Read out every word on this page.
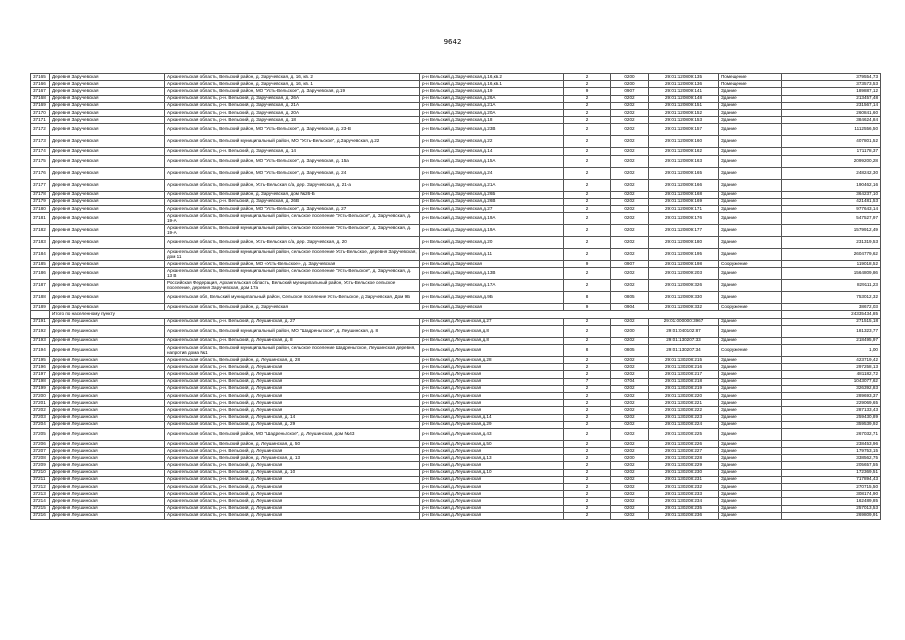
9642
37165	Деревня Заручевская	Архангельская область, Вельский район, д. Заручевская, д. 16, кв. 2	р-н Вельский,д.Заручевская,д.16,кв.2	2	0200	29:01:120809:135	Помещение	379554,73
37166	Деревня Заручевская	Архангельская область, Вельский район, д. Заручевская, д. 16, кв. 1	р-н Вельский,д.Заручевская,д.16,кв.1	2	0200	29:01:120809:136	Помещение	373573,53
37167	Деревня Заручевская	Архангельская область, Вельский район, МО "Усть-Вельское", д. Заручевская, д.19	р-н Вельский,д.Заручевская,д.19	9	0907	29:01:120809:141	Здание	189887,12
37168	Деревня Заручевская	Архангельская область, р-н. Вельский, д. Заручевская, д. 26А	р-н Вельский,д.Заручевская,д.26А	2	0202	29:01:120809:148	Здание	213457,48
37169	Деревня Заручевская	Архангельская область, р-н. Вельский, д. Заручевская, д. 21А	р-н Вельский,д.Заручевская,д.21А	2	0202	29:01:120809:151	Здание	231567,14
37170	Деревня Заручевская	Архангельская область, р-н. Вельский, д. Заручевская, д. 20А	р-н Вельский,д.Заручевская,д.20А	2	0202	29:01:120809:152	Здание	260841,60
37171	Деревня Заручевская	Архангельская область, р-н. Вельский, д. Заручевская, д. 18	р-н Вельский,д.Заручевская,д.18	2	0202	29:01:120809:153	Здание	384624,84
37172	Деревня Заручевская	Архангельская область, Вельский район, МО "Усть-Вельское", д. Заручевская, д. 23-В	р-н Вельский,д.Заручевская,д.23В	2	0202	29:01:120809:157	Здание	1112556,50
37173	Деревня Заручевская	Архангельская область, Вельский муниципальный район, МО "Усть-Вельское", д.Заручевская, д.22	р-н Вельский,д.Заручевская,д.22	2	0202	29:01:120809:160	Здание	407801,52
37174	Деревня Заручевская	Архангельская область, р-н. Вельский, д. Заручевская, д. 14	р-н Вельский,д.Заручевская,д.14	2	0202	29:01:120809:162	Здание	171178,37
37175	Деревня Заручевская	Архангельская область, Вельский район, МО "Усть-Вельское", д. Заручевская, д. 15а	р-н Вельский,д.Заручевская,д.15А	2	0202	29:01:120809:163	Здание	2099200,28
37176	Деревня Заручевская	Архангельская область, Вельский район, МО "Усть-Вельское", д. Заручевская, д. 24	р-н Вельский,д.Заручевская,д.24	2	0202	29:01:120809:165	Здание	248242,30
37177	Деревня Заручевская	Архангельская область, Вельский район, Усть-Вельская с/а, дер. Заручевская, д. 21-а	р-н Вельский,д.Заручевская,д.21А	2	0202	29:01:120809:166	Здание	190462,16
37178	Деревня Заручевская	Архангельская область, Вельский район, д. Заручевская, дом №26-Б	р-н Вельский,д.Заручевская,д.26Б	2	0202	29:01:120809:168	Здание	364237,10
37179	Деревня Заручевская	Архангельская область, р-н. Вельский, д. Заручевская, д. 26В	р-н Вельский,д.Заручевская,д.26В	2	0202	29:01:120809:169	Здание	421481,53
37180	Деревня Заручевская	Архангельская область, Вельский район, МО "Усть-Вельское", д. Заручевская, д. 27	р-н Вельский,д.Заручевская,д.27	2	0202	29:01:120809:171	Здание	977643,14
37181	Деревня Заручевская	Архангельская область, Вельский муниципальный район, сельское поселение "Усть-Вельское", д. Заручевская, д. 19-А	р-н Вельский,д.Заручевская,д.19А	2	0202	29:01:120809:176	Здание	547527,97
37182	Деревня Заручевская	Архангельская область, Вельский муниципальный район, сельское поселение "Усть-Вельское", д. Заручевская, д. 19-А	р-н Вельский,д.Заручевская,д.19А	2	0202	29:01:120809:177	Здание	1579912,49
37183	Деревня Заручевская	Архангельская область, Вельский район, Усть-Вельская с/а, дер. Заручевская, д. 20	р-н Вельский,д.Заручевская,д.20	2	0202	29:01:120809:180	Здание	231319,53
37184	Деревня Заручевская	Архангельская область, Вельский муниципальный район, сельское поселение Усть-Вельское, деревня Заручевская, дом 11	р-н Вельский,д.Заручевская,д.11	2	0202	29:01:120809:195	Здание	2604779,62
37185	Деревня Заручевская	Архангельская область, Вельский район, МО «Усть-Вельское», д. Заручевская	р-н Вельский,д.Заручевская	9	0907	29:01:120809:198	Сооружение	119018,52
37186	Деревня Заручевская	Архангельская область, Вельский муниципальный район, сельское поселение "Усть-Вельское", д. Заручевская, д. 13 В	р-н Вельский,д.Заручевская,д.13В	2	0202	29:01:120809:203	Здание	1564809,86
37187	Деревня Заручевская	Российская Федерация, Архангельская область, Вельский муниципальный район, Усть-Вельское сельское поселение, деревня Заручевская, дом 17а	р-н Вельский,д.Заручевская,д.17А	2	0202	29:01:120809:326	Здание	829111,23
37188	Деревня Заручевская	Архангельская обл, Вельский муниципальный район, Сельское поселение Усть-Вельское, д Заручевская, Дом 9Б	р-н Вельский,д.Заручевская,д.9Б	8	0805	29:01:120809:330	Здание	753012,32
37189	Деревня Заручевская	Архангельская область, Вельский район, д. Заручевская	р-н Вельский,д.Заручевская	9	0904	29:01:120809:332	Сооружение	38672,03
	Итого по населенному пункту							24335434,85
37191	Деревня Леушинская	Архангельская область, р-н. Вельский, д. Леушинская, д. 27	р-н Вельский,д.Леушинская,д.27	2	0202	29:01:000000:3967	Здание	271515,18
37192	Деревня Леушинская	Архангельская область, Вельский муниципальный район, МО "Шадреньгское", д. Леушинская, д. 8	р-н Вельский,д.Леушинская,д.8	2	0200	29:01:040102:87	Здание	181323,77
37193	Деревня Леушинская	Архангельская область, р-н. Вельский, д. Леушинская, д. 8	р-н Вельский,д.Леушинская,д.8	2	0202	29:01:130207:33	Здание	218495,97
37194	Деревня Леушинская	Архангельская область, Вельский муниципальный район, сельское поселение Шадреньгское, Леушинская деревня, напротив дома №1	р-н Вельский,д.Леушинская	8	0805	29:01:130207:34	Сооружение	1,00
37195	Деревня Леушинская	Архангельская область, Вельский район, д. Леушинская, д. 28	р-н Вельский,д.Леушинская,д.28	2	0202	29:01:130208:215	Здание	423719,42
37196	Деревня Леушинская	Архангельская область, р-н. Вельский, д. Леушинская	р-н Вельский,д.Леушинская	2	0202	29:01:130208:216	Здание	297258,13
37197	Деревня Леушинская	Архангельская область, р-н. Вельский, д. Леушинская	р-н Вельский,д.Леушинская	2	0202	29:01:130208:217	Здание	481182,72
37198	Деревня Леушинская	Архангельская область, р-н. Вельский, д. Леушинская	р-н Вельский,д.Леушинская	7	0704	29:01:130208:218	Здание	1043077,62
37199	Деревня Леушинская	Архангельская область, р-н. Вельский, д. Леушинская	р-н Вельский,д.Леушинская	2	0202	29:01:130208:219	Здание	326392,83
37200	Деревня Леушинская	Архангельская область, р-н. Вельский, д. Леушинская	р-н Вельский,д.Леушинская	2	0202	29:01:130208:220	Здание	289693,37
37201	Деревня Леушинская	Архангельская область, р-н. Вельский, д. Леушинская	р-н Вельский,д.Леушинская	2	0202	29:01:130208:221	Здание	229069,65
37202	Деревня Леушинская	Архангельская область, р-н. Вельский, д. Леушинская	р-н Вельский,д.Леушинская	2	0202	29:01:130208:222	Здание	287133,43
37203	Деревня Леушинская	Архангельская область, р-н. Вельский, д. Леушинская, д. 14	р-н Вельский,д.Леушинская,д.14	2	0202	29:01:130208:223	Здание	259430,89
37204	Деревня Леушинская	Архангельская область, р-н. Вельский, д. Леушинская, д. 29	р-н Вельский,д.Леушинская,д.29	2	0202	29:01:130208:224	Здание	359539,92
37205	Деревня Леушинская	Архангельская область, Вельский район, МО "Шадреньгское", д. Леушинская, дом №43	р-н Вельский,д.Леушинская,д.43	2	0202	29:01:130208:225	Здание	267032,71
37206	Деревня Леушинская	Архангельская область, Вельский район, д. Леушинская, д. 50	р-н Вельский,д.Леушинская,д.50	2	0202	29:01:130208:226	Здание	238453,96
37207	Деревня Леушинская	Архангельская область, р-н. Вельский, д. Леушинская	р-н Вельский,д.Леушинская	2	0202	29:01:130208:227	Здание	179753,15
37208	Деревня Леушинская	Архангельская область, Вельский район, д. Леушинская, д. 13	р-н Вельский,д.Леушинская,д.13	2	0200	29:01:130208:228	Здание	338562,75
37209	Деревня Леушинская	Архангельская область, р-н. Вельский, д. Леушинская	р-н Вельский,д.Леушинская	2	0202	29:01:130208:229	Здание	205657,55
37210	Деревня Леушинская	Архангельская область, р-н. Вельский, д. Леушинская, д. 10	р-н Вельский,д.Леушинская,д.10	2	0202	29:01:130208:230	Здание	172369,51
37211	Деревня Леушинская	Архангельская область, р-н. Вельский, д. Леушинская	р-н Вельский,д.Леушинская	2	0202	29:01:130208:231	Здание	717894,43
37212	Деревня Леушинская	Архангельская область, р-н. Вельский, д. Леушинская	р-н Вельский,д.Леушинская	2	0202	29:01:130208:232	Здание	270715,50
37213	Деревня Леушинская	Архангельская область, р-н. Вельский, д. Леушинская	р-н Вельский,д.Леушинская	2	0202	29:01:130208:233	Здание	308174,90
37214	Деревня Леушинская	Архангельская область, р-н. Вельский, д. Леушинская	р-н Вельский,д.Леушинская	2	0202	29:01:130208:234	Здание	162489,85
37215	Деревня Леушинская	Архангельская область, р-н. Вельский, д. Леушинская	р-н Вельский,д.Леушинская	2	0202	29:01:130208:235	Здание	257013,53
37216	Деревня Леушинская	Архангельская область, р-н. Вельский, д. Леушинская	р-н Вельский,д.Леушинская	2	0202	29:01:130208:236	Здание	269809,91
